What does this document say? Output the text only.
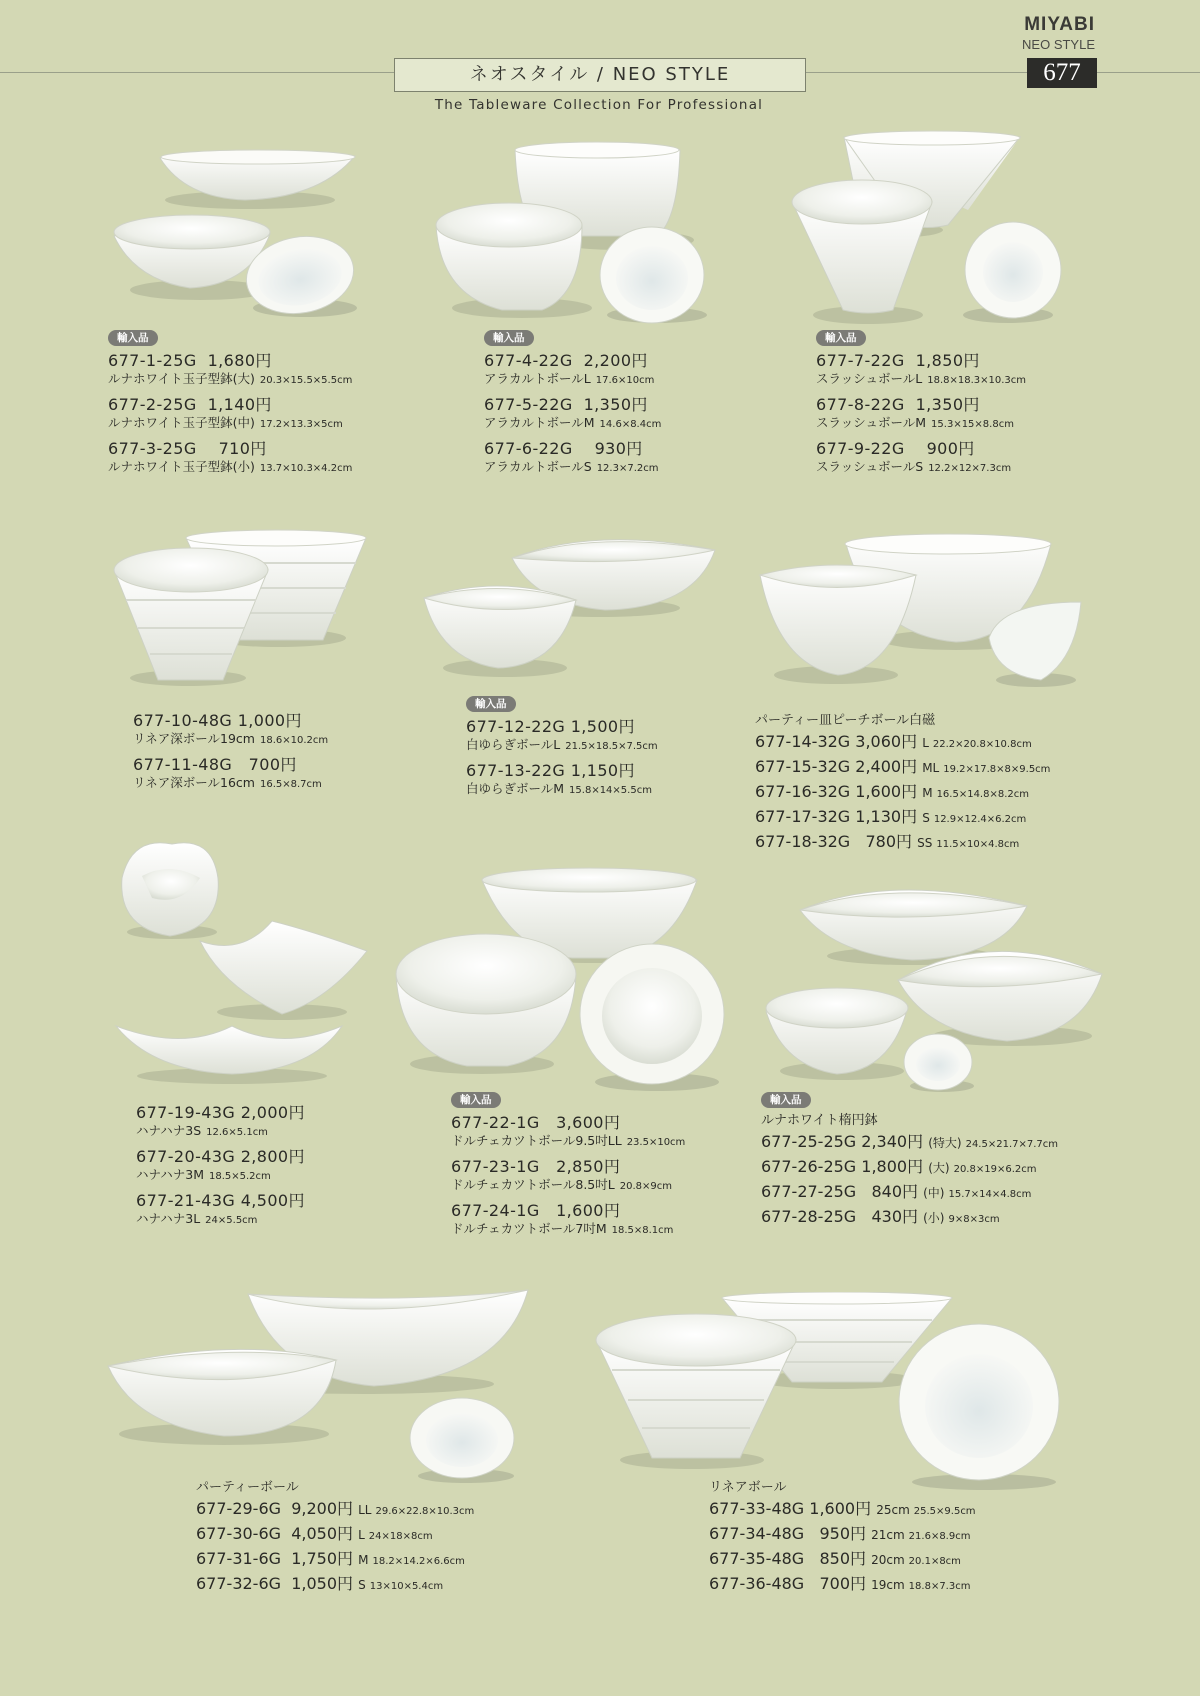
MIYABI
NEO STYLE
677
ネオスタイル / NEO STYLE
The Tableware Collection For Professional
輸入品
677-1-25G  1,680円
ルナホワイト玉子型鉢(大) 20.3×15.5×5.5cm
677-2-25G  1,140円
ルナホワイト玉子型鉢(中) 17.2×13.3×5cm
677-3-25G    710円
ルナホワイト玉子型鉢(小) 13.7×10.3×4.2cm
輸入品
677-4-22G  2,200円
アラカルトボールL 17.6×10cm
677-5-22G  1,350円
アラカルトボールM 14.6×8.4cm
677-6-22G    930円
アラカルトボールS 12.3×7.2cm
輸入品
677-7-22G  1,850円
スラッシュボールL 18.8×18.3×10.3cm
677-8-22G  1,350円
スラッシュボールM 15.3×15×8.8cm
677-9-22G    900円
スラッシュボールS 12.2×12×7.3cm
677-10-48G 1,000円
リネア深ボール19cm 18.6×10.2cm
677-11-48G   700円
リネア深ボール16cm 16.5×8.7cm
輸入品
677-12-22G 1,500円
白ゆらぎボールL 21.5×18.5×7.5cm
677-13-22G 1,150円
白ゆらぎボールM 15.8×14×5.5cm
パーティー皿ピーチボール白磁
677-14-32G 3,060円 L 22.2×20.8×10.8cm
677-15-32G 2,400円 ML 19.2×17.8×8×9.5cm
677-16-32G 1,600円 M 16.5×14.8×8.2cm
677-17-32G 1,130円 S 12.9×12.4×6.2cm
677-18-32G   780円 SS 11.5×10×4.8cm
677-19-43G 2,000円
ハナハナ3S 12.6×5.1cm
677-20-43G 2,800円
ハナハナ3M 18.5×5.2cm
677-21-43G 4,500円
ハナハナ3L 24×5.5cm
輸入品
677-22-1G   3,600円
ドルチェカツトボール9.5吋LL 23.5×10cm
677-23-1G   2,850円
ドルチェカツトボール8.5吋L 20.8×9cm
677-24-1G   1,600円
ドルチェカツトボール7吋M 18.5×8.1cm
輸入品
ルナホワイト楕円鉢
677-25-25G 2,340円 (特大) 24.5×21.7×7.7cm
677-26-25G 1,800円 (大) 20.8×19×6.2cm
677-27-25G   840円 (中) 15.7×14×4.8cm
677-28-25G   430円 (小) 9×8×3cm
パーティーボール
677-29-6G  9,200円 LL 29.6×22.8×10.3cm
677-30-6G  4,050円 L 24×18×8cm
677-31-6G  1,750円 M 18.2×14.2×6.6cm
677-32-6G  1,050円 S 13×10×5.4cm
リネアボール
677-33-48G 1,600円 25cm 25.5×9.5cm
677-34-48G   950円 21cm 21.6×8.9cm
677-35-48G   850円 20cm 20.1×8cm
677-36-48G   700円 19cm 18.8×7.3cm
